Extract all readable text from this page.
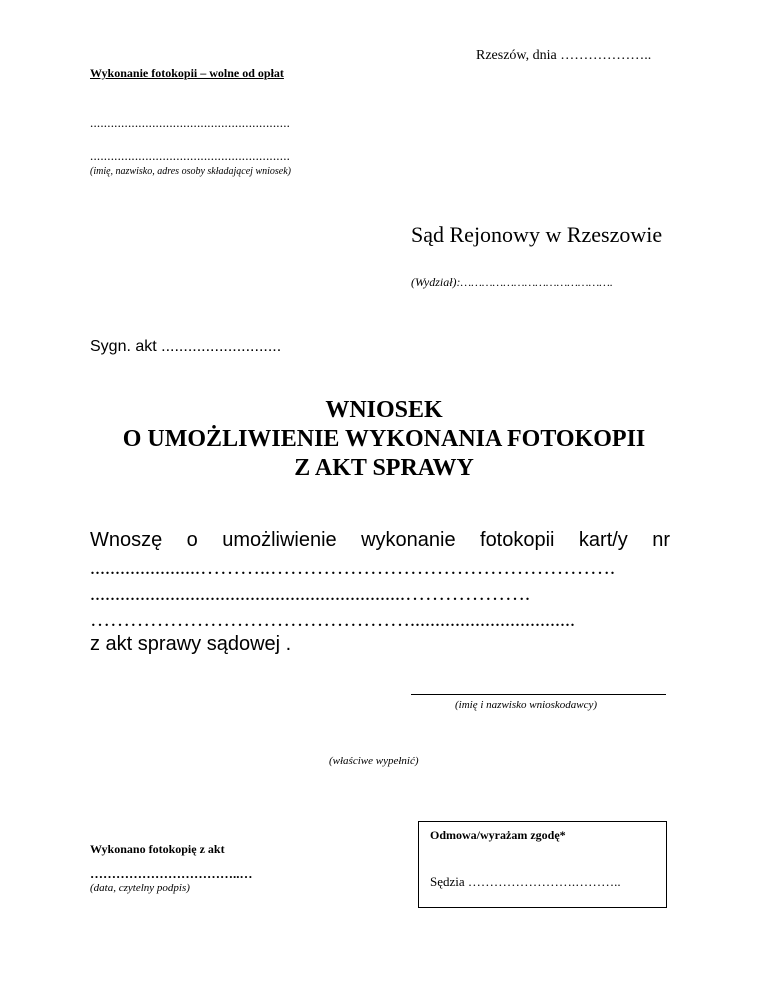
Rzeszów, dnia ………………..
Wykonanie fotokopii – wolne od opłat
..........................................................
..........................................................
(imię, nazwisko, adres osoby składającej wniosek)
Sąd Rejonowy w Rzeszowie
(Wydział):…………………………………….
Sygn. akt ...........................
WNIOSEK
O UMOŻLIWIENIE WYKONANIA FOTOKOPII
Z AKT SPRAWY
Wnoszę o umożliwienie wykonanie fotokopii kart/y nr
......................………..…………………………………………….
...............................................................……………….
………………………………………….................................
z akt sprawy sądowej .
(imię i nazwisko wnioskodawcy)
(właściwe wypełnić)
Wykonano fotokopię z akt
……………………………..…
(data, czytelny podpis)
Odmowa/wyrażam zgodę*
Sędzia …………………….………..
